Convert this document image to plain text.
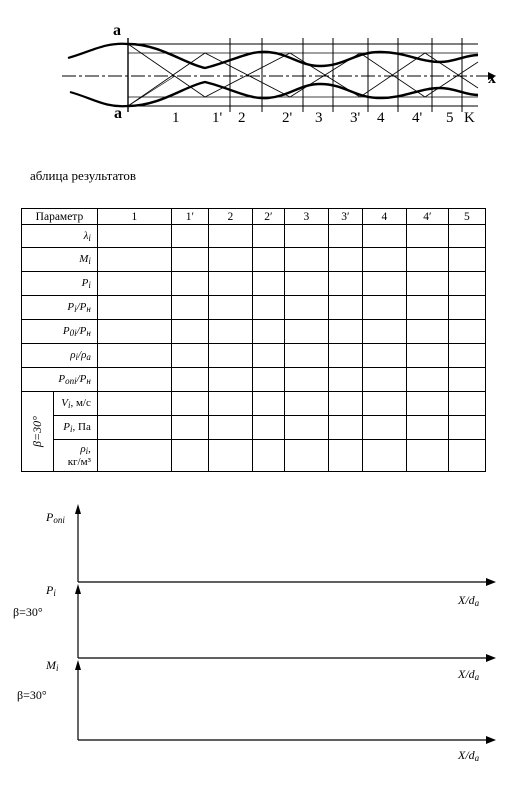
a
a
x
1 1' 2 2' 3 3' 4 4' 5 K
аблица результатов
Параметр		1	1′	2	2′	3	3′	4	4′	5
$\lambda_i$									
$M_i$									
$P_i$									
$P_i/P_н$									
$P_{0i}/P_н$									
$\rho_i/\rho_a$									
$P_{oni}/P_н$									
β=30°	$V_i$, м/с									
	$P_i$, Па									
	$\rho_i$,
кг/м³									
$P_{oni}$
$P_i$
$M_i$
$X/d_a$
$X/d_a$
$X/d_a$
β=30°
β=30°
